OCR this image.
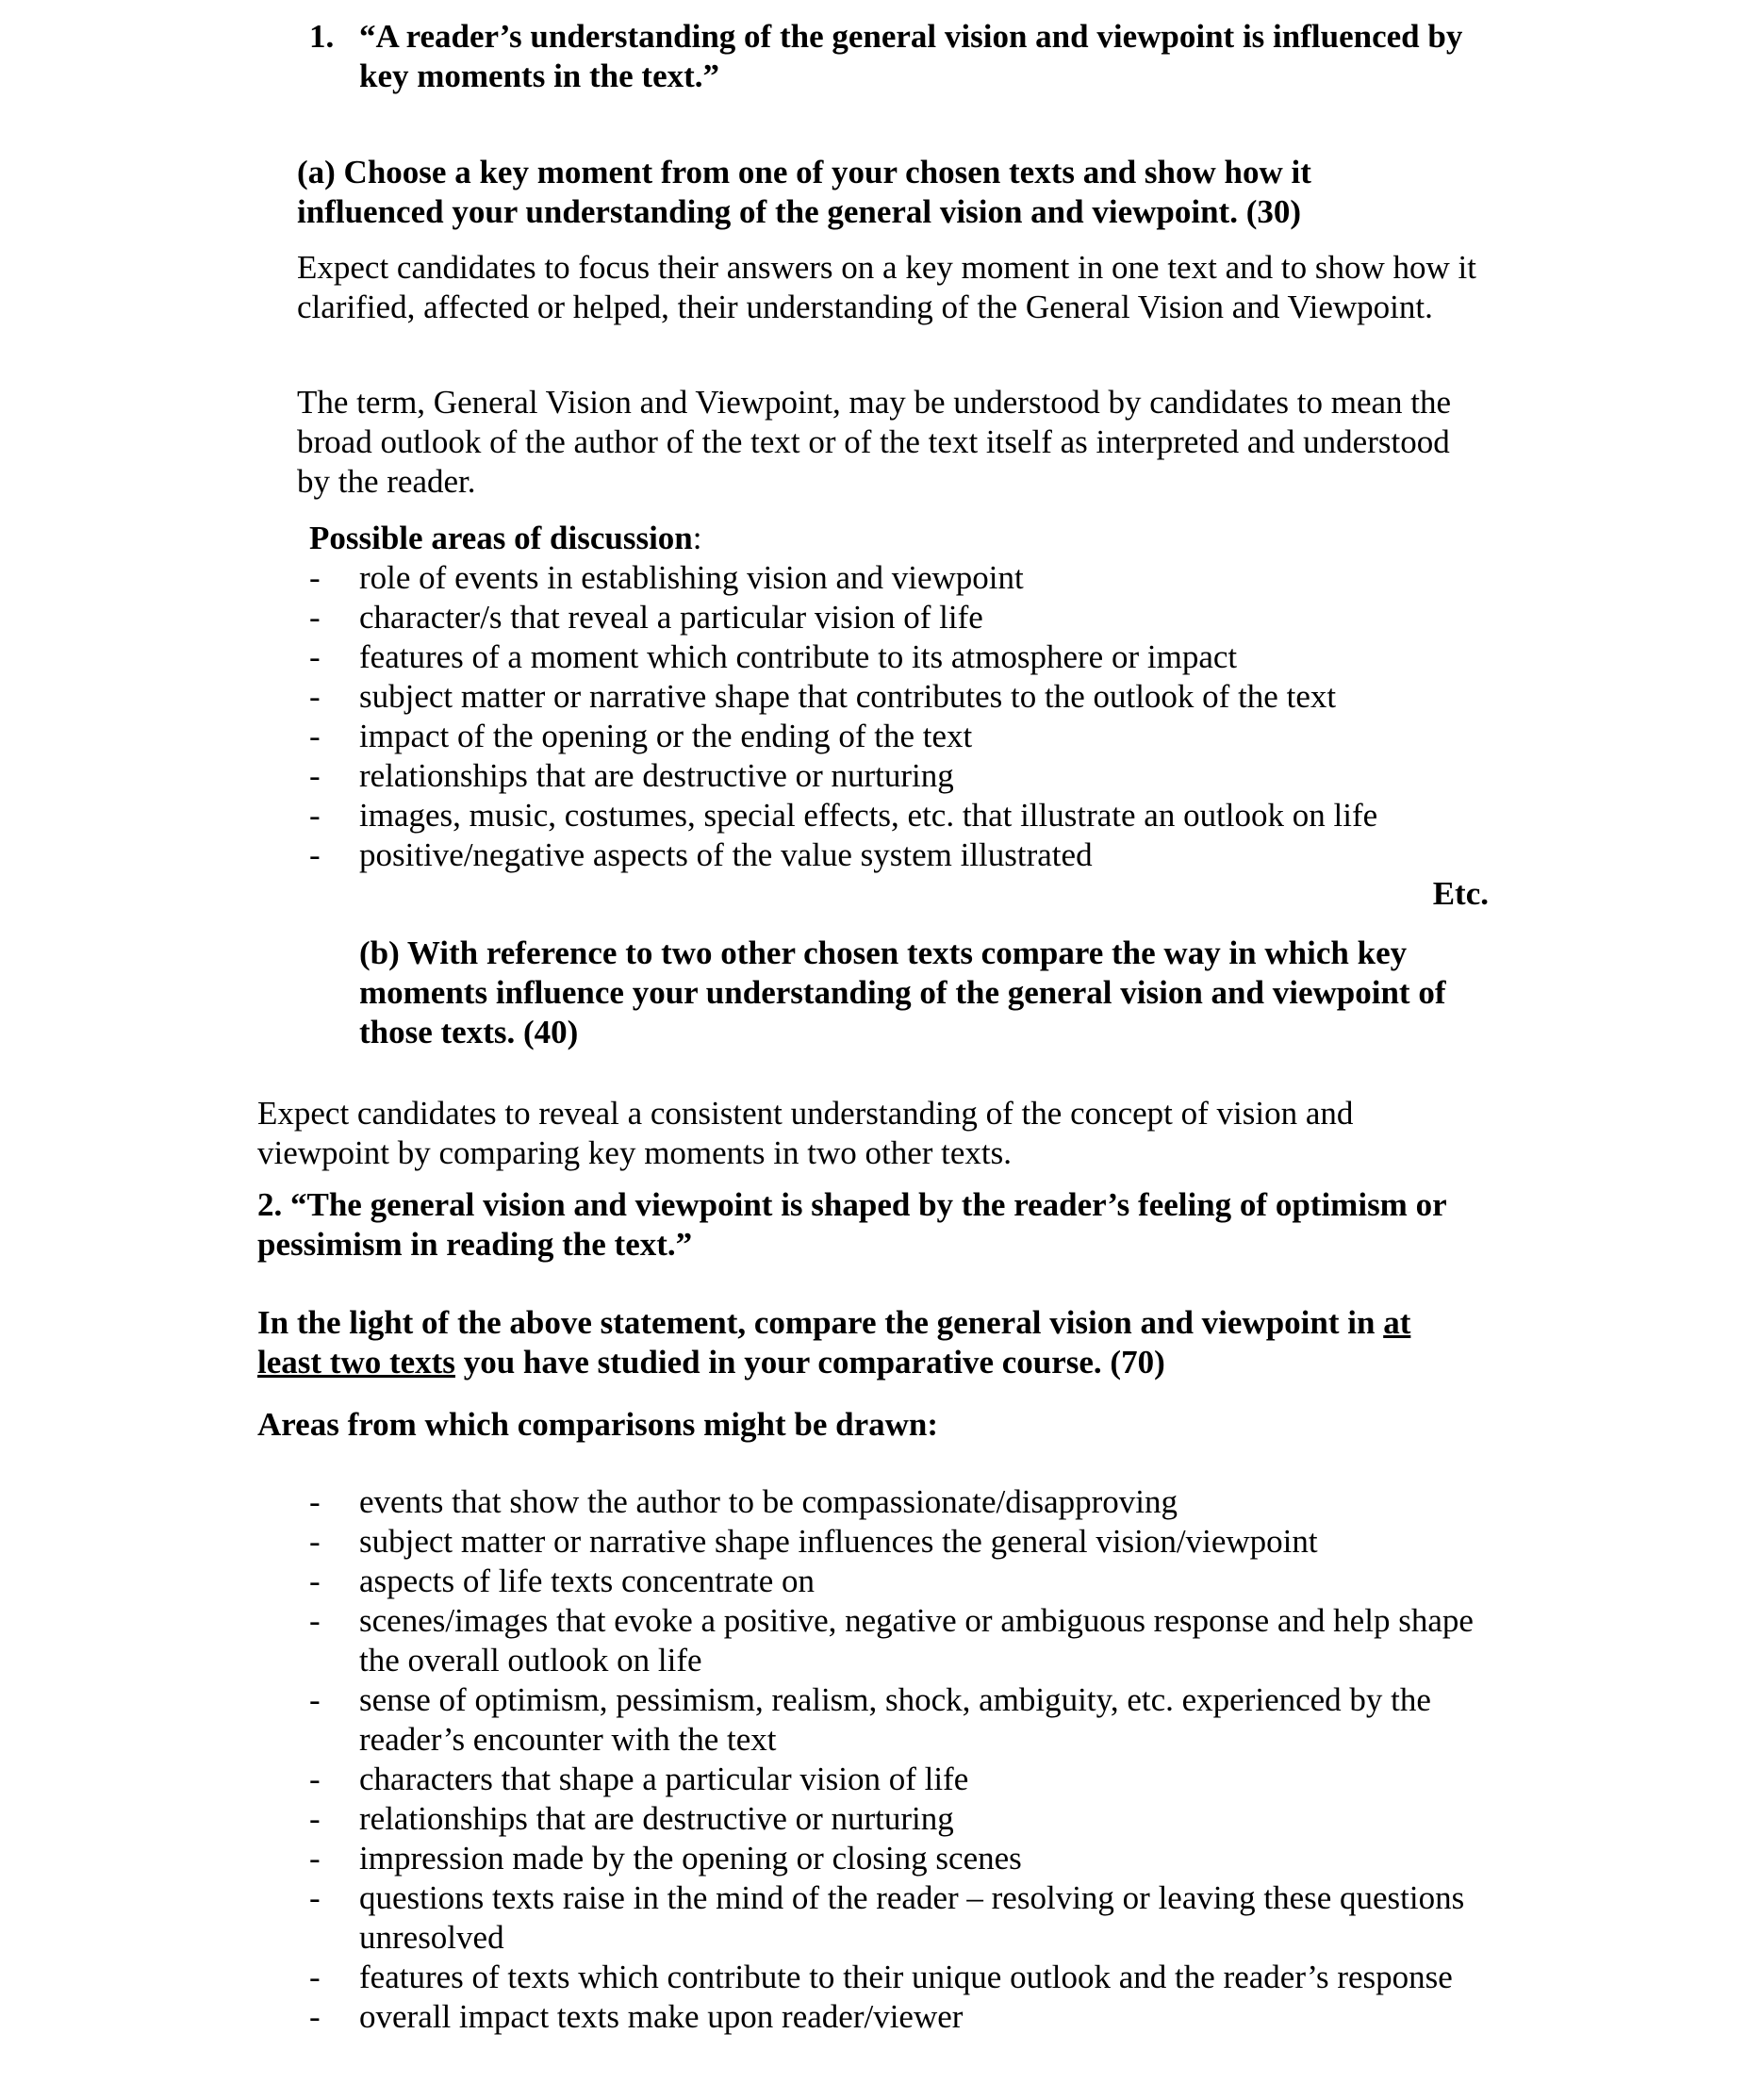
1. “A reader’s understanding of the general vision and viewpoint is influenced by key moments in the text.”

(a) Choose a key moment from one of your chosen texts and show how it influenced your understanding of the general vision and viewpoint. (30)

Expect candidates to focus their answers on a key moment in one text and to show how it clarified, affected or helped, their understanding of the General Vision and Viewpoint.

The term, General Vision and Viewpoint, may be understood by candidates to mean the broad outlook of the author of the text or of the text itself as interpreted and understood by the reader.

Possible areas of discussion:
- role of events in establishing vision and viewpoint
- character/s that reveal a particular vision of life
- features of a moment which contribute to its atmosphere or impact
- subject matter or narrative shape that contributes to the outlook of the text
- impact of the opening or the ending of the text
- relationships that are destructive or nurturing
- images, music, costumes, special effects, etc. that illustrate an outlook on life
- positive/negative aspects of the value system illustrated
Etc.

(b) With reference to two other chosen texts compare the way in which key moments influence your understanding of the general vision and viewpoint of those texts. (40)

Expect candidates to reveal a consistent understanding of the concept of vision and viewpoint by comparing key moments in two other texts.

2. “The general vision and viewpoint is shaped by the reader’s feeling of optimism or pessimism in reading the text.”

In the light of the above statement, compare the general vision and viewpoint in at least two texts you have studied in your comparative course. (70)

Areas from which comparisons might be drawn:

- events that show the author to be compassionate/disapproving
- subject matter or narrative shape influences the general vision/viewpoint
- aspects of life texts concentrate on
- scenes/images that evoke a positive, negative or ambiguous response and help shape the overall outlook on life
- sense of optimism, pessimism, realism, shock, ambiguity, etc. experienced by the reader’s encounter with the text
- characters that shape a particular vision of life
- relationships that are destructive or nurturing
- impression made by the opening or closing scenes
- questions texts raise in the mind of the reader – resolving or leaving these questions unresolved
- features of texts which contribute to their unique outlook and the reader’s response
- overall impact texts make upon reader/viewer
